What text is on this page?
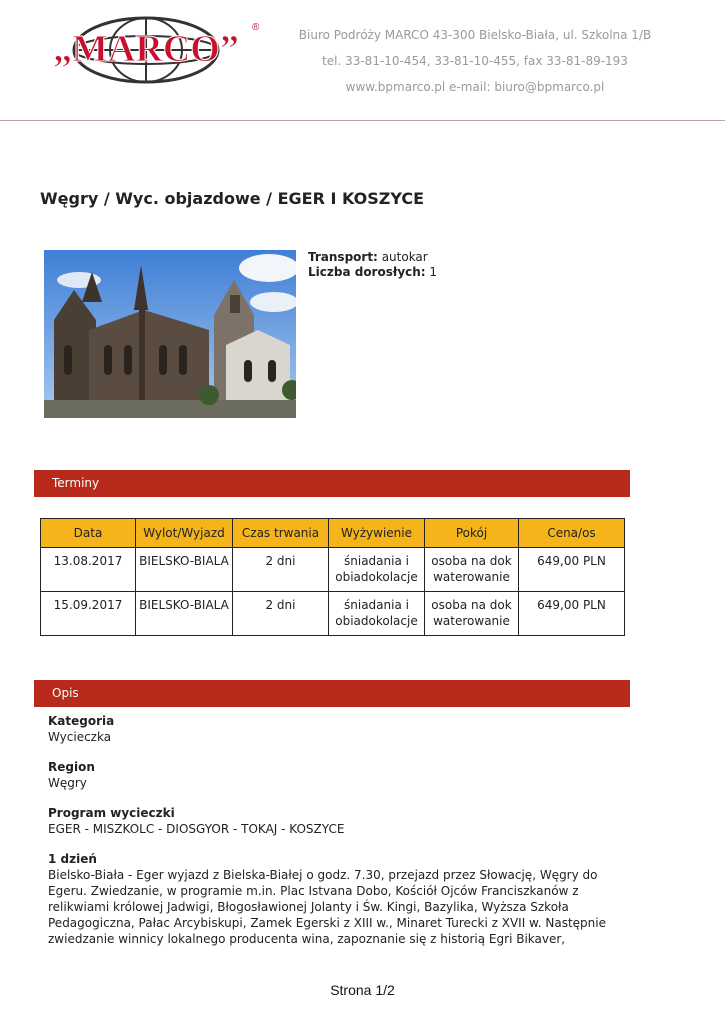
„MARCO”
®
Biuro Podróży MARCO 43-300 Bielsko-Biała, ul. Szkolna 1/B
tel. 33-81-10-454, 33-81-10-455, fax 33-81-89-193
www.bpmarco.pl e-mail: biuro@bpmarco.pl
Węgry / Wyc. objazdowe / EGER I KOSZYCE
Transport: autokar
Liczba dorosłych: 1
Terminy
Data	Wylot/Wyjazd	Czas trwania	Wyżywienie	Pokój	Cena/os
13.08.2017	BIELSKO-BIALA	2 dni	śniadania i obiadokolacje	osoba na dokwaterowanie	649,00 PLN
15.09.2017	BIELSKO-BIALA	2 dni	śniadania i obiadokolacje	osoba na dokwaterowanie	649,00 PLN
Opis
Kategoria
Wycieczka
Region
Węgry
Program wycieczki
EGER - MISZKOLC - DIOSGYOR - TOKAJ - KOSZYCE
1 dzień
Bielsko-Biała - Eger wyjazd z Bielska-Białej o godz. 7.30, przejazd przez Słowację, Węgry do Egeru. Zwiedzanie, w programie m.in. Plac Istvana Dobo, Kościół Ojców Franciszkanów z relikwiami królowej Jadwigi, Błogosławionej Jolanty i Św. Kingi, Bazylika, Wyższa Szkoła Pedagogiczna, Pałac Arcybiskupi, Zamek Egerski z XIII w., Minaret Turecki z XVII w. Następnie zwiedzanie winnicy lokalnego producenta wina, zapoznanie się z historią Egri Bikaver,
Strona 1/2
